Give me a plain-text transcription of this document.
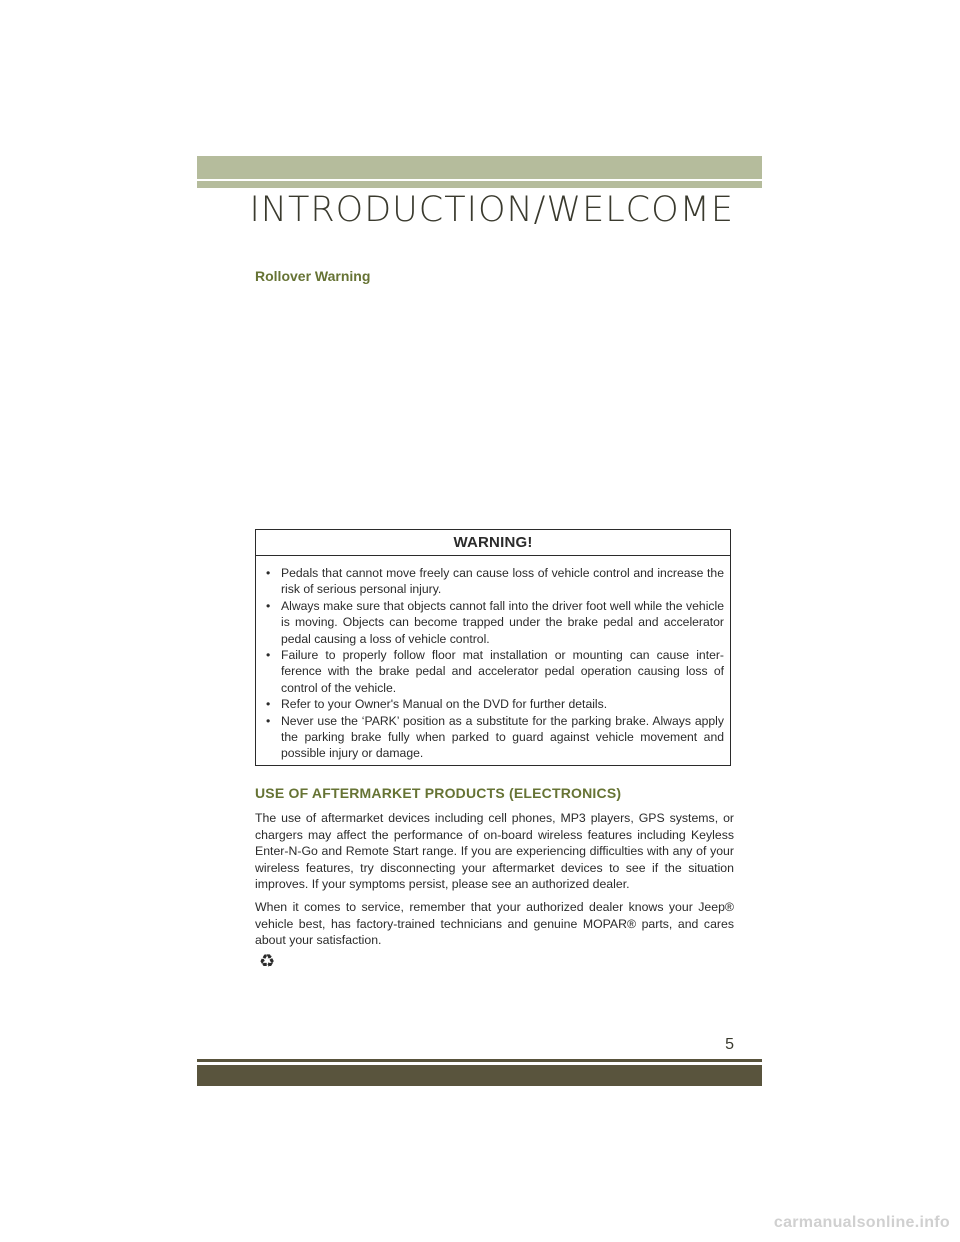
INTRODUCTION/WELCOME
Rollover Warning
WARNING!
• Pedals that cannot move freely can cause loss of vehicle control and increase the risk of serious personal injury.
• Always make sure that objects cannot fall into the driver foot well while the vehicle is moving. Objects can become trapped under the brake pedal and accelerator pedal causing a loss of vehicle control.
• Failure to properly follow floor mat installation or mounting can cause inter-ference with the brake pedal and accelerator pedal operation causing loss of control of the vehicle.
• Refer to your Owner's Manual on the DVD for further details.
• Never use the ‘PARK’ position as a substitute for the parking brake. Always apply the parking brake fully when parked to guard against vehicle movement and possible injury or damage.
USE OF AFTERMARKET PRODUCTS (ELECTRONICS)

The use of aftermarket devices including cell phones, MP3 players, GPS systems, or chargers may affect the performance of on-board wireless features including Keyless Enter-N-Go and Remote Start range. If you are experiencing difficulties with any of your wireless features, try disconnecting your aftermarket devices to see if the situation improves. If your symptoms persist, please see an authorized dealer.

When it comes to service, remember that your authorized dealer knows your Jeep® vehicle best, has factory-trained technicians and genuine MOPAR® parts, and cares about your satisfaction.

♻
5
carmanualsonline.info
